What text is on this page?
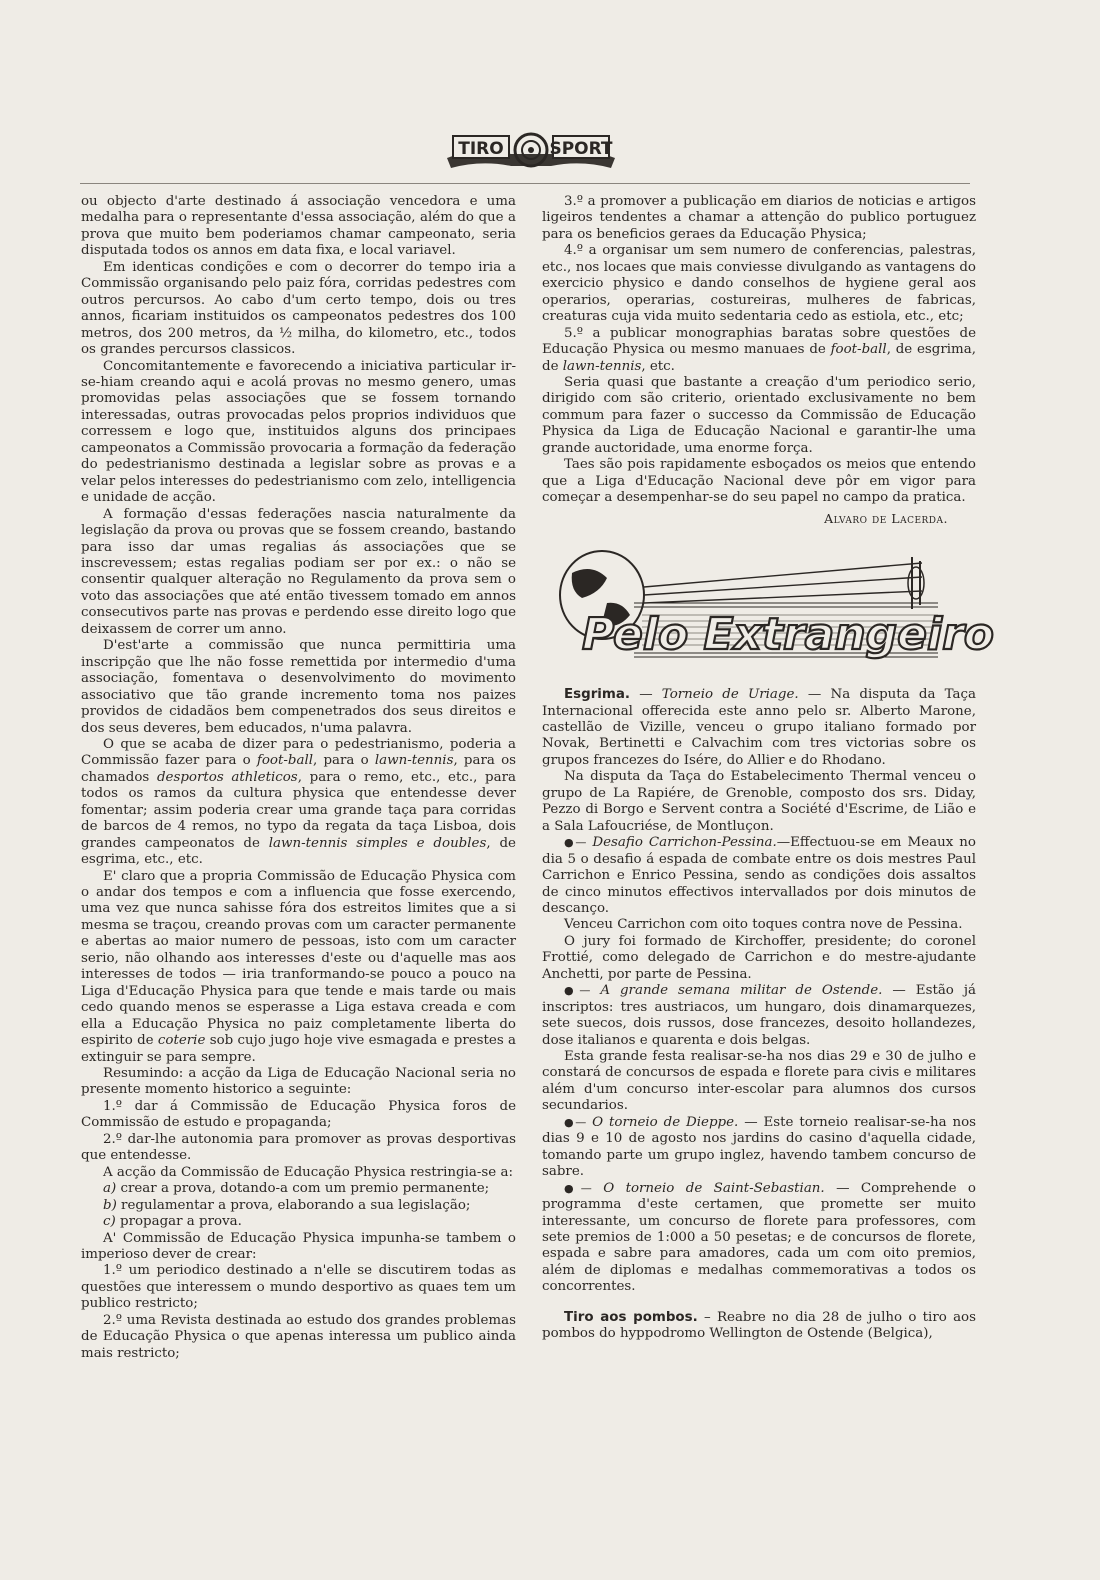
TIRO	SPORT

ou objecto d'arte destinado á associação vencedora e uma medalha para o representante d'essa associação, além do que a prova que muito bem poderiamos chamar campeonato, seria disputada todos os annos em data fixa, e local variavel.

Em identicas condições e com o decorrer do tempo iria a Commissão organisando pelo paiz fóra, corridas pedestres com outros percursos. Ao cabo d'um certo tempo, dois ou tres annos, ficariam instituidos os campeonatos pedestres dos 100 metros, dos 200 metros, da ½ milha, do kilometro, etc., todos os grandes percursos classicos.

Concomitantemente e favorecendo a iniciativa particular ir-se-hiam creando aqui e acolá provas no mesmo genero, umas promovidas pelas associações que se fossem tornando interessadas, outras provocadas pelos proprios individuos que corressem e logo que, instituidos alguns dos principaes campeonatos a Commissão provocaria a formação da federação do pedestrianismo destinada a legislar sobre as provas e a velar pelos interesses do pedestrianismo com zelo, intelligencia e unidade de acção.

A formação d'essas federações nascia naturalmente da legislação da prova ou provas que se fossem creando, bastando para isso dar umas regalias ás associações que se inscrevessem; estas regalias podiam ser por ex.: o não se consentir qualquer alteração no Regulamento da prova sem o voto das associações que até então tivessem tomado em annos consecutivos parte nas provas e perdendo esse direito logo que deixassem de correr um anno.

D'est'arte a commissão que nunca permittiria uma inscripção que lhe não fosse remettida por intermedio d'uma associação, fomentava o desenvolvimento do movimento associativo que tão grande incremento toma nos paizes providos de cidadãos bem compenetrados dos seus direitos e dos seus deveres, bem educados, n'uma palavra.

O que se acaba de dizer para o pedestrianismo, poderia a Commissão fazer para o foot-ball, para o lawn-tennis, para os chamados desportos athleticos, para o remo, etc., etc., para todos os ramos da cultura physica que entendesse dever fomentar; assim poderia crear uma grande taça para corridas de barcos de 4 remos, no typo da regata da taça Lisboa, dois grandes campeonatos de lawn-tennis simples e doubles, de esgrima, etc., etc.

E' claro que a propria Commissão de Educação Physica com o andar dos tempos e com a influencia que fosse exercendo, uma vez que nunca sahisse fóra dos estreitos limites que a si mesma se traçou, creando provas com um caracter permanente e abertas ao maior numero de pessoas, isto com um caracter serio, não olhando aos interesses d'este ou d'aquelle mas aos interesses de todos — iria tranformando-se pouco a pouco na Liga d'Educação Physica para que tende e mais tarde ou mais cedo quando menos se esperasse a Liga estava creada e com ella a Educação Physica no paiz completamente liberta do espirito de coterie sob cujo jugo hoje vive esmagada e prestes a extinguir se para sempre.

Resumindo: a acção da Liga de Educação Nacional seria no presente momento historico a seguinte:

1.º dar á Commissão de Educação Physica foros de Commissão de estudo e propaganda;

2.º dar-lhe autonomia para promover as provas desportivas que entendesse.

A acção da Commissão de Educação Physica restringia-se a:

a) crear a prova, dotando-a com um premio permanente;

b) regulamentar a prova, elaborando a sua legislação;

c) propagar a prova.

A' Commissão de Educação Physica impunha-se tambem o imperioso dever de crear:

1.º um periodico destinado a n'elle se discutirem todas as questões que interessem o mundo desportivo as quaes tem um publico restricto;

2.º uma Revista destinada ao estudo dos grandes problemas de Educação Physica o que apenas interessa um publico ainda mais restricto;

3.º a promover a publicação em diarios de noticias e artigos ligeiros tendentes a chamar a attenção do publico portuguez para os beneficios geraes da Educação Physica;

4.º a organisar um sem numero de conferencias, palestras, etc., nos locaes que mais conviesse divulgando as vantagens do exercicio physico e dando conselhos de hygiene geral aos operarios, operarias, costureiras, mulheres de fabricas, creaturas cuja vida muito sedentaria cedo as estiola, etc., etc;

5.º a publicar monographias baratas sobre questões de Educação Physica ou mesmo manuaes de foot-ball, de esgrima, de lawn-tennis, etc.

Seria quasi que bastante a creação d'um periodico serio, dirigido com são criterio, orientado exclusivamente no bem commum para fazer o successo da Commissão de Educação Physica da Liga de Educação Nacional e garantir-lhe uma grande auctoridade, uma enorme força.

Taes são pois rapidamente esboçados os meios que entendo que a Liga d'Educação Nacional deve pôr em vigor para começar a desempenhar-se do seu papel no campo da pratica.

Alvaro de Lacerda.

Pelo Extrangeiro

Esgrima. — Torneio de Uriage. — Na disputa da Taça Internacional offerecida este anno pelo sr. Alberto Marone, castellão de Vizille, venceu o grupo italiano formado por Novak, Bertinetti e Calvachim com tres victorias sobre os grupos francezes do Isére, do Allier e do Rhodano.

Na disputa da Taça do Estabelecimento Thermal venceu o grupo de La Rapiére, de Grenoble, composto dos srs. Diday, Pezzo di Borgo e Servent contra a Société d'Escrime, de Lião e a Sala Lafoucriése, de Montluçon.

●— Desafio Carrichon-Pessina.—Effectuou-se em Meaux no dia 5 o desafio á espada de combate entre os dois mestres Paul Carrichon e Enrico Pessina, sendo as condições dois assaltos de cinco minutos effectivos intervallados por dois minutos de descanço.

Venceu Carrichon com oito toques contra nove de Pessina.

O jury foi formado de Kirchoffer, presidente; do coronel Frottié, como delegado de Carrichon e do mestre-ajudante Anchetti, por parte de Pessina.

●— A grande semana militar de Ostende. — Estão já inscriptos: tres austriacos, um hungaro, dois dinamarquezes, sete suecos, dois russos, dose francezes, desoito hollandezes, dose italianos e quarenta e dois belgas.

Esta grande festa realisar-se-ha nos dias 29 e 30 de julho e constará de concursos de espada e florete para civis e militares além d'um concurso inter-escolar para alumnos dos cursos secundarios.

●— O torneio de Dieppe. — Este torneio realisar-se-ha nos dias 9 e 10 de agosto nos jardins do casino d'aquella cidade, tomando parte um grupo inglez, havendo tambem concurso de sabre.

●— O torneio de Saint-Sebastian. — Comprehende o programma d'este certamen, que promette ser muito interessante, um concurso de florete para professores, com sete premios de 1:000 a 50 pesetas; e de concursos de florete, espada e sabre para amadores, cada um com oito premios, além de diplomas e medalhas commemorativas a todos os concorrentes.

Tiro aos pombos. – Reabre no dia 28 de julho o tiro aos pombos do hyppodromo Wellington de Ostende (Belgica),
